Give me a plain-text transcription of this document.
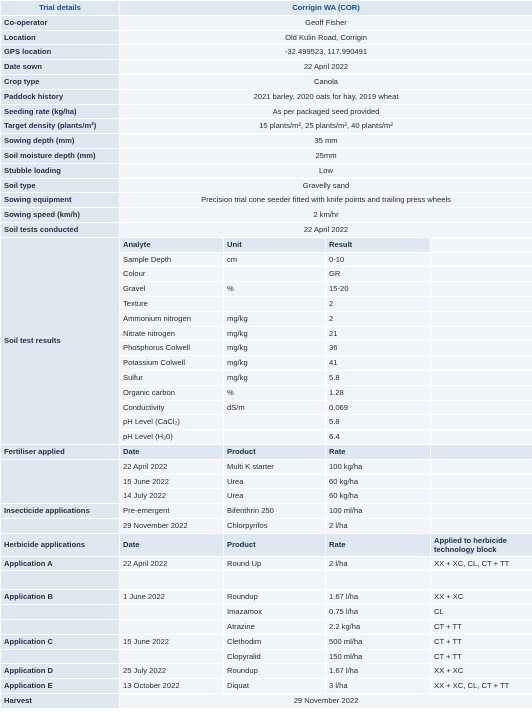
Trial details	Corrigin WA (COR)			
Co-operator	Geoff Fisher			
Location	Old Kulin Road, Corrigin			
GPS location	-32.499523, 117.990491			
Date sown	22 April 2022			
Crop type	Canola			
Paddock history	2021 barley, 2020 oats for hay, 2019 wheat			
Seeding rate (kg/ha)	As per packaged seed provided			
Target density (plants/m²)	15 plants/m², 25 plants/m², 40 plants/m²			
Sowing depth (mm)	35 mm			
Soil moisture depth (mm)	25mm			
Stubble loading	Low			
Soil type	Gravelly sand			
Sowing equipment	Precision trial cone seeder fitted with knife points and trailing press wheels			
Sowing speed (km/h)	2 km/hr			
Soil tests conducted	22 April 2022			
Soil test results	Analyte	Unit	Result	
	Sample Depth	cm	0-10	
	Colour		GR	
	Gravel	%	15-20	
	Texture		2	
	Ammonium nitrogen	mg/kg	2	
	Nitrate nitrogen	mg/kg	21	
	Phosphorus Colwell	mg/kg	36	
	Potassium Colwell	mg/kg	41	
	Sulfur	mg/kg	5.8	
	Organic carbon	%	1.28	
	Conductivity	dS/m	0.069	
	pH Level (CaCl₂)		5.8	
	pH Level (H₂0)		6.4	
Fertiliser applied	Date	Product	Rate	
	22 April 2022	Multi K starter	100 kg/ha	
	15 June 2022	Urea	60 kg/ha	
	14 July 2022	Urea	60 kg/ha	
Insecticide applications	Pre-emergent	Bifenthrin 250	100 ml/ha	
	29 November 2022	Chlorpyrifos	2 l/ha	
Herbicide applications	Date	Product	Rate	Applied to herbicide technology block
Application A	22 April 2022	Round Up	2 l/ha	XX + XC, CL, CT + TT

Application B	1 June 2022	Roundup	1.67 l/ha	XX + XC
		Imazamox	0.75 l/ha	CL
		Atrazine	2.2 kg/ha	CT + TT
Application C	15 June 2022	Clethodim	500 ml/ha	CT + TT
		Clopyralid	150 ml/ha	CT + TT
Application D	25 July 2022	Roundup	1.67 l/ha	XX + XC
Application E	13 October 2022	Diquat	3 l/ha	XX + XC, CL, CT + TT
Harvest	29 November 2022			
